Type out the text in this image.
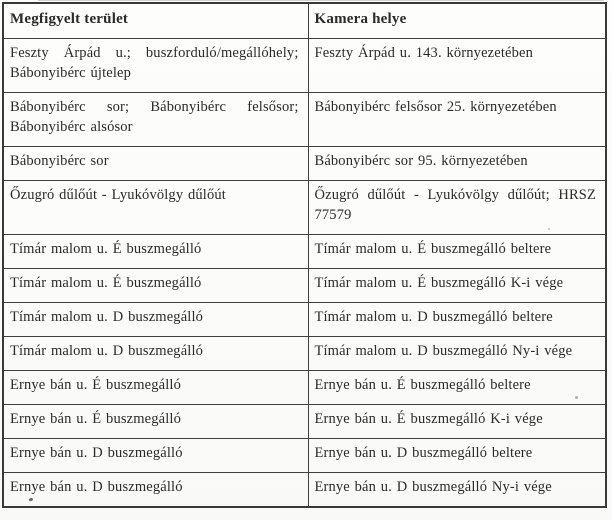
Megfigyelt terület	Kamera helye
Feszty Árpád u.; buszforduló/megállóhely; Bábonyibérc újtelep	Feszty Árpád u. 143. környezetében
Bábonyibérc sor; Bábonyibérc felsősor; Bábonyibérc alsósor	Bábonyibérc felsősor 25. környezetében
Bábonyibérc sor	Bábonyibérc sor 95. környezetében
Őzugró dűlőút - Lyukóvölgy dűlőút	Őzugró dűlőút - Lyukóvölgy dűlőút; HRSZ 77579
Tímár malom u. É buszmegálló	Tímár malom u. É buszmegálló beltere
Tímár malom u. É buszmegálló	Tímár malom u. É buszmegálló K-i vége
Tímár malom u. D buszmegálló	Tímár malom u. D buszmegálló beltere
Tímár malom u. D buszmegálló	Tímár malom u. D buszmegálló Ny-i vége
Ernye bán u. É buszmegálló	Ernye bán u. É buszmegálló beltere
Ernye bán u. É buszmegálló	Ernye bán u. É buszmegálló K-i vége
Ernye bán u. D buszmegálló	Ernye bán u. D buszmegálló beltere
Ernye bán u. D buszmegálló	Ernye bán u. D buszmegálló Ny-i vége
